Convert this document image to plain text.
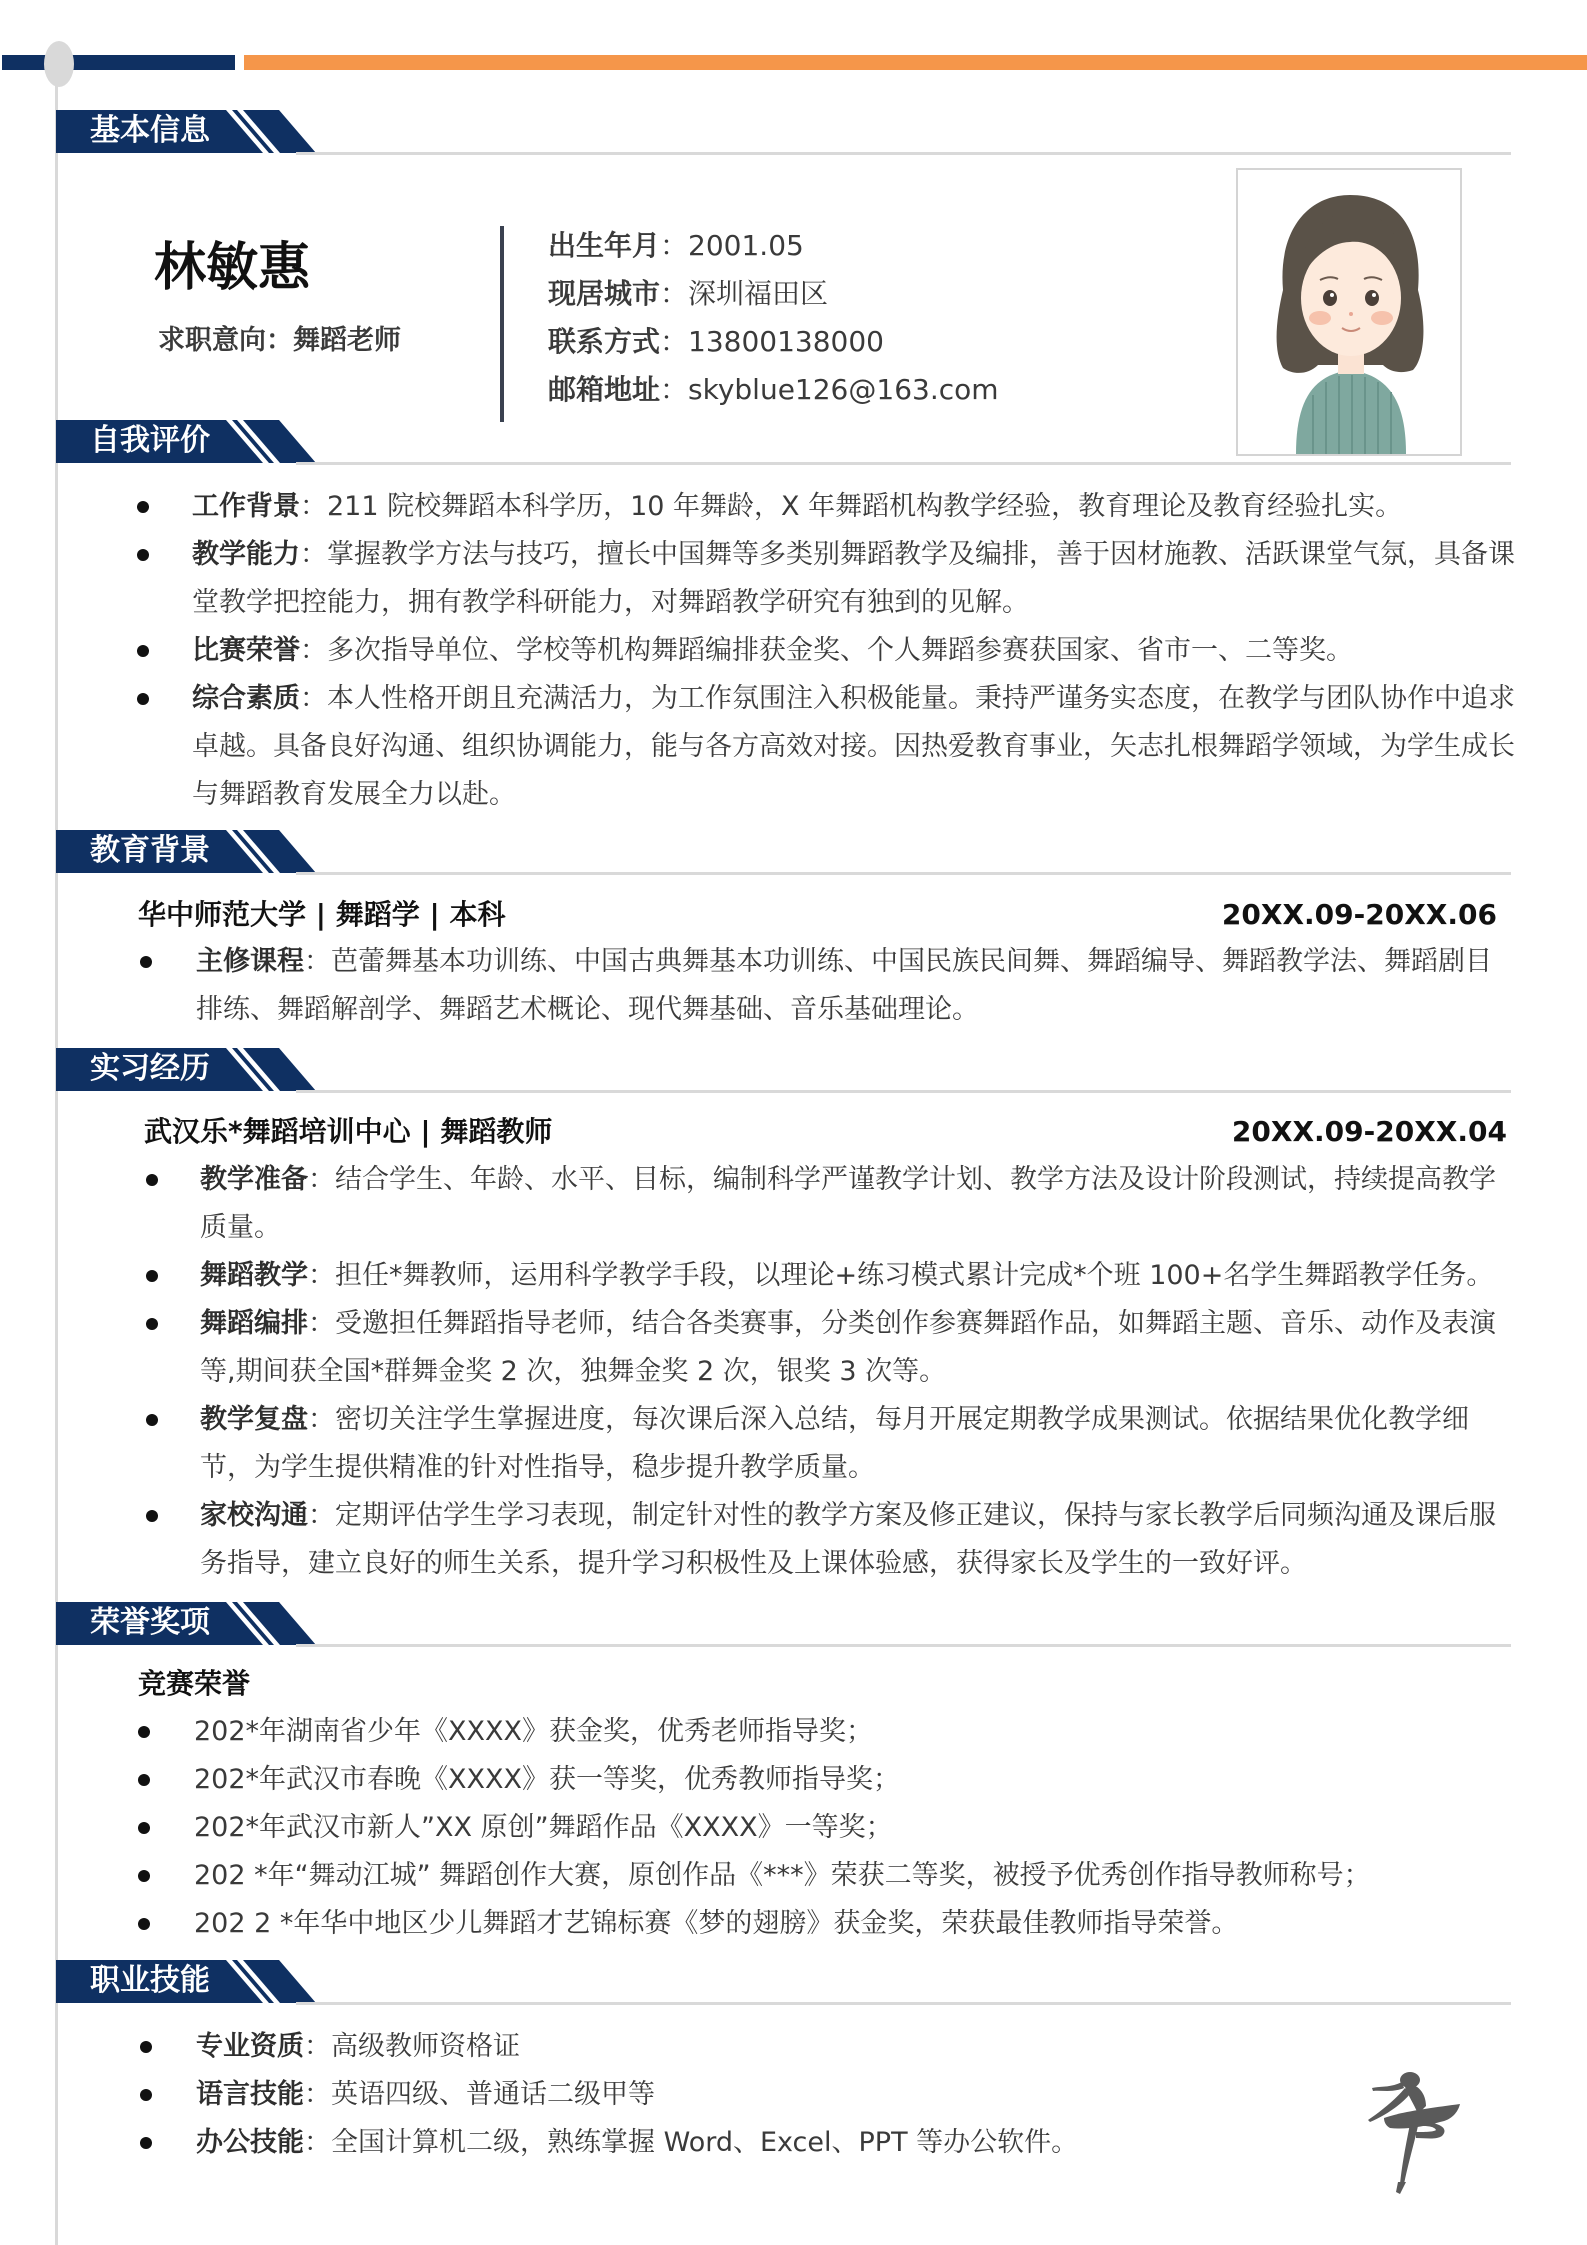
基本信息
林敏惠
求职意向：舞蹈老师
出生年月：2001.05
现居城市：深圳福田区
联系方式：13800138000
邮箱地址：skyblue126@163.com
自我评价
工作背景：211 院校舞蹈本科学历，10 年舞龄，X 年舞蹈机构教学经验，教育理论及教育经验扎实。
教学能力：掌握教学方法与技巧，擅长中国舞等多类别舞蹈教学及编排，善于因材施教、活跃课堂气氛，具备课堂教学把控能力，拥有教学科研能力，对舞蹈教学研究有独到的见解。
比赛荣誉：多次指导单位、学校等机构舞蹈编排获金奖、个人舞蹈参赛获国家、省市一、二等奖。
综合素质：本人性格开朗且充满活力，为工作氛围注入积极能量。秉持严谨务实态度，在教学与团队协作中追求卓越。具备良好沟通、组织协调能力，能与各方高效对接。因热爱教育事业，矢志扎根舞蹈学领域，为学生成长与舞蹈教育发展全力以赴。
教育背景
华中师范大学 | 舞蹈学 | 本科	20XX.09-20XX.06
主修课程：芭蕾舞基本功训练、中国古典舞基本功训练、中国民族民间舞、舞蹈编导、舞蹈教学法、舞蹈剧目排练、舞蹈解剖学、舞蹈艺术概论、现代舞基础、音乐基础理论。
实习经历
武汉乐*舞蹈培训中心 | 舞蹈教师	20XX.09-20XX.04
教学准备：结合学生、年龄、水平、目标，编制科学严谨教学计划、教学方法及设计阶段测试，持续提高教学质量。
舞蹈教学：担任*舞教师，运用科学教学手段，以理论+练习模式累计完成*个班 100+名学生舞蹈教学任务。
舞蹈编排：受邀担任舞蹈指导老师，结合各类赛事，分类创作参赛舞蹈作品，如舞蹈主题、音乐、动作及表演等,期间获全国*群舞金奖 2 次，独舞金奖 2 次，银奖 3 次等。
教学复盘：密切关注学生掌握进度，每次课后深入总结，每月开展定期教学成果测试。依据结果优化教学细节，为学生提供精准的针对性指导，稳步提升教学质量。
家校沟通：定期评估学生学习表现，制定针对性的教学方案及修正建议，保持与家长教学后同频沟通及课后服务指导，建立良好的师生关系，提升学习积极性及上课体验感，获得家长及学生的一致好评。
荣誉奖项
竞赛荣誉
202*年湖南省少年《XXXX》获金奖，优秀老师指导奖；
202*年武汉市春晚《XXXX》获一等奖，优秀教师指导奖；
202*年武汉市新人”XX 原创”舞蹈作品《XXXX》一等奖；
202 *年“舞动江城” 舞蹈创作大赛，原创作品《***》荣获二等奖，被授予优秀创作指导教师称号；
202 2 *年华中地区少儿舞蹈才艺锦标赛《梦的翅膀》获金奖，荣获最佳教师指导荣誉。
职业技能
专业资质：高级教师资格证
语言技能：英语四级、普通话二级甲等
办公技能：全国计算机二级，熟练掌握 Word、Excel、PPT 等办公软件。
